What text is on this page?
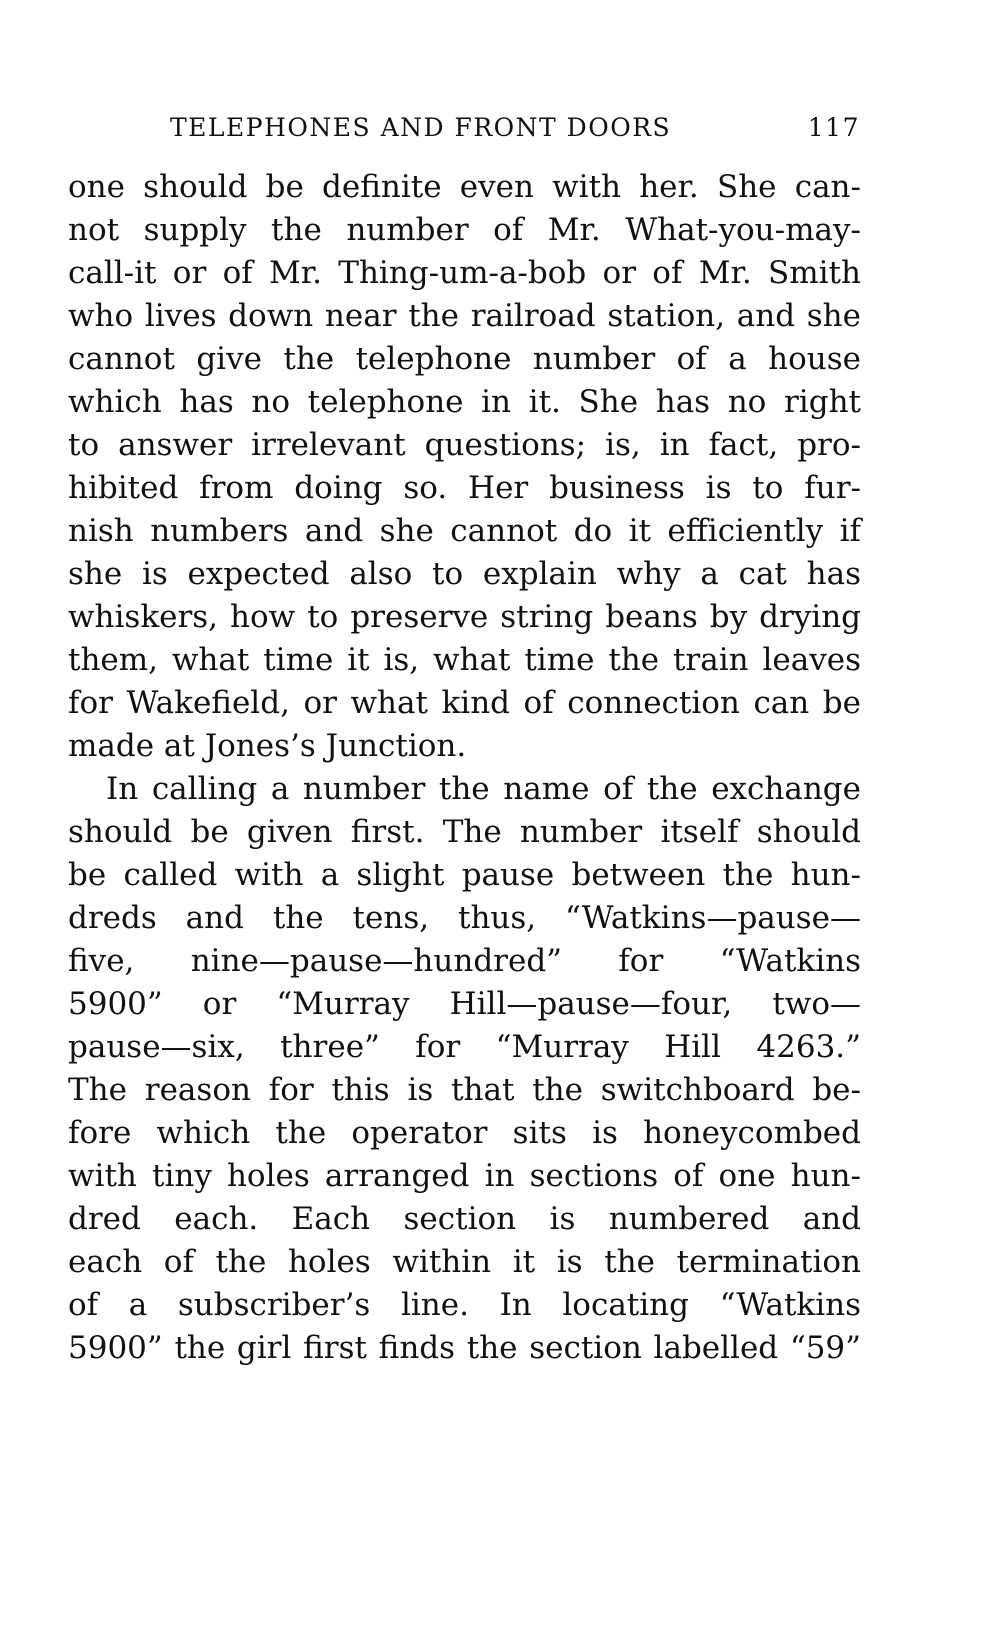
TELEPHONES AND FRONT DOORS	117
one should be definite even with her. She can-
not supply the number of Mr. What-you-may-
call-it or of Mr. Thing-um-a-bob or of Mr. Smith
who lives down near the railroad station, and she
cannot give the telephone number of a house
which has no telephone in it. She has no right
to answer irrelevant questions; is, in fact, pro-
hibited from doing so. Her business is to fur-
nish numbers and she cannot do it efficiently if
she is expected also to explain why a cat has
whiskers, how to preserve string beans by drying
them, what time it is, what time the train leaves
for Wakefield, or what kind of connection can be
made at Jones’s Junction.
In calling a number the name of the exchange
should be given first. The number itself should
be called with a slight pause between the hun-
dreds and the tens, thus, “Watkins—pause—
five, nine—pause—hundred” for “Watkins
5900” or “Murray Hill—pause—four, two—
pause—six, three” for “Murray Hill 4263.”
The reason for this is that the switchboard be-
fore which the operator sits is honeycombed
with tiny holes arranged in sections of one hun-
dred each. Each section is numbered and
each of the holes within it is the termination
of a subscriber’s line. In locating “Watkins
5900” the girl first finds the section labelled “59”
